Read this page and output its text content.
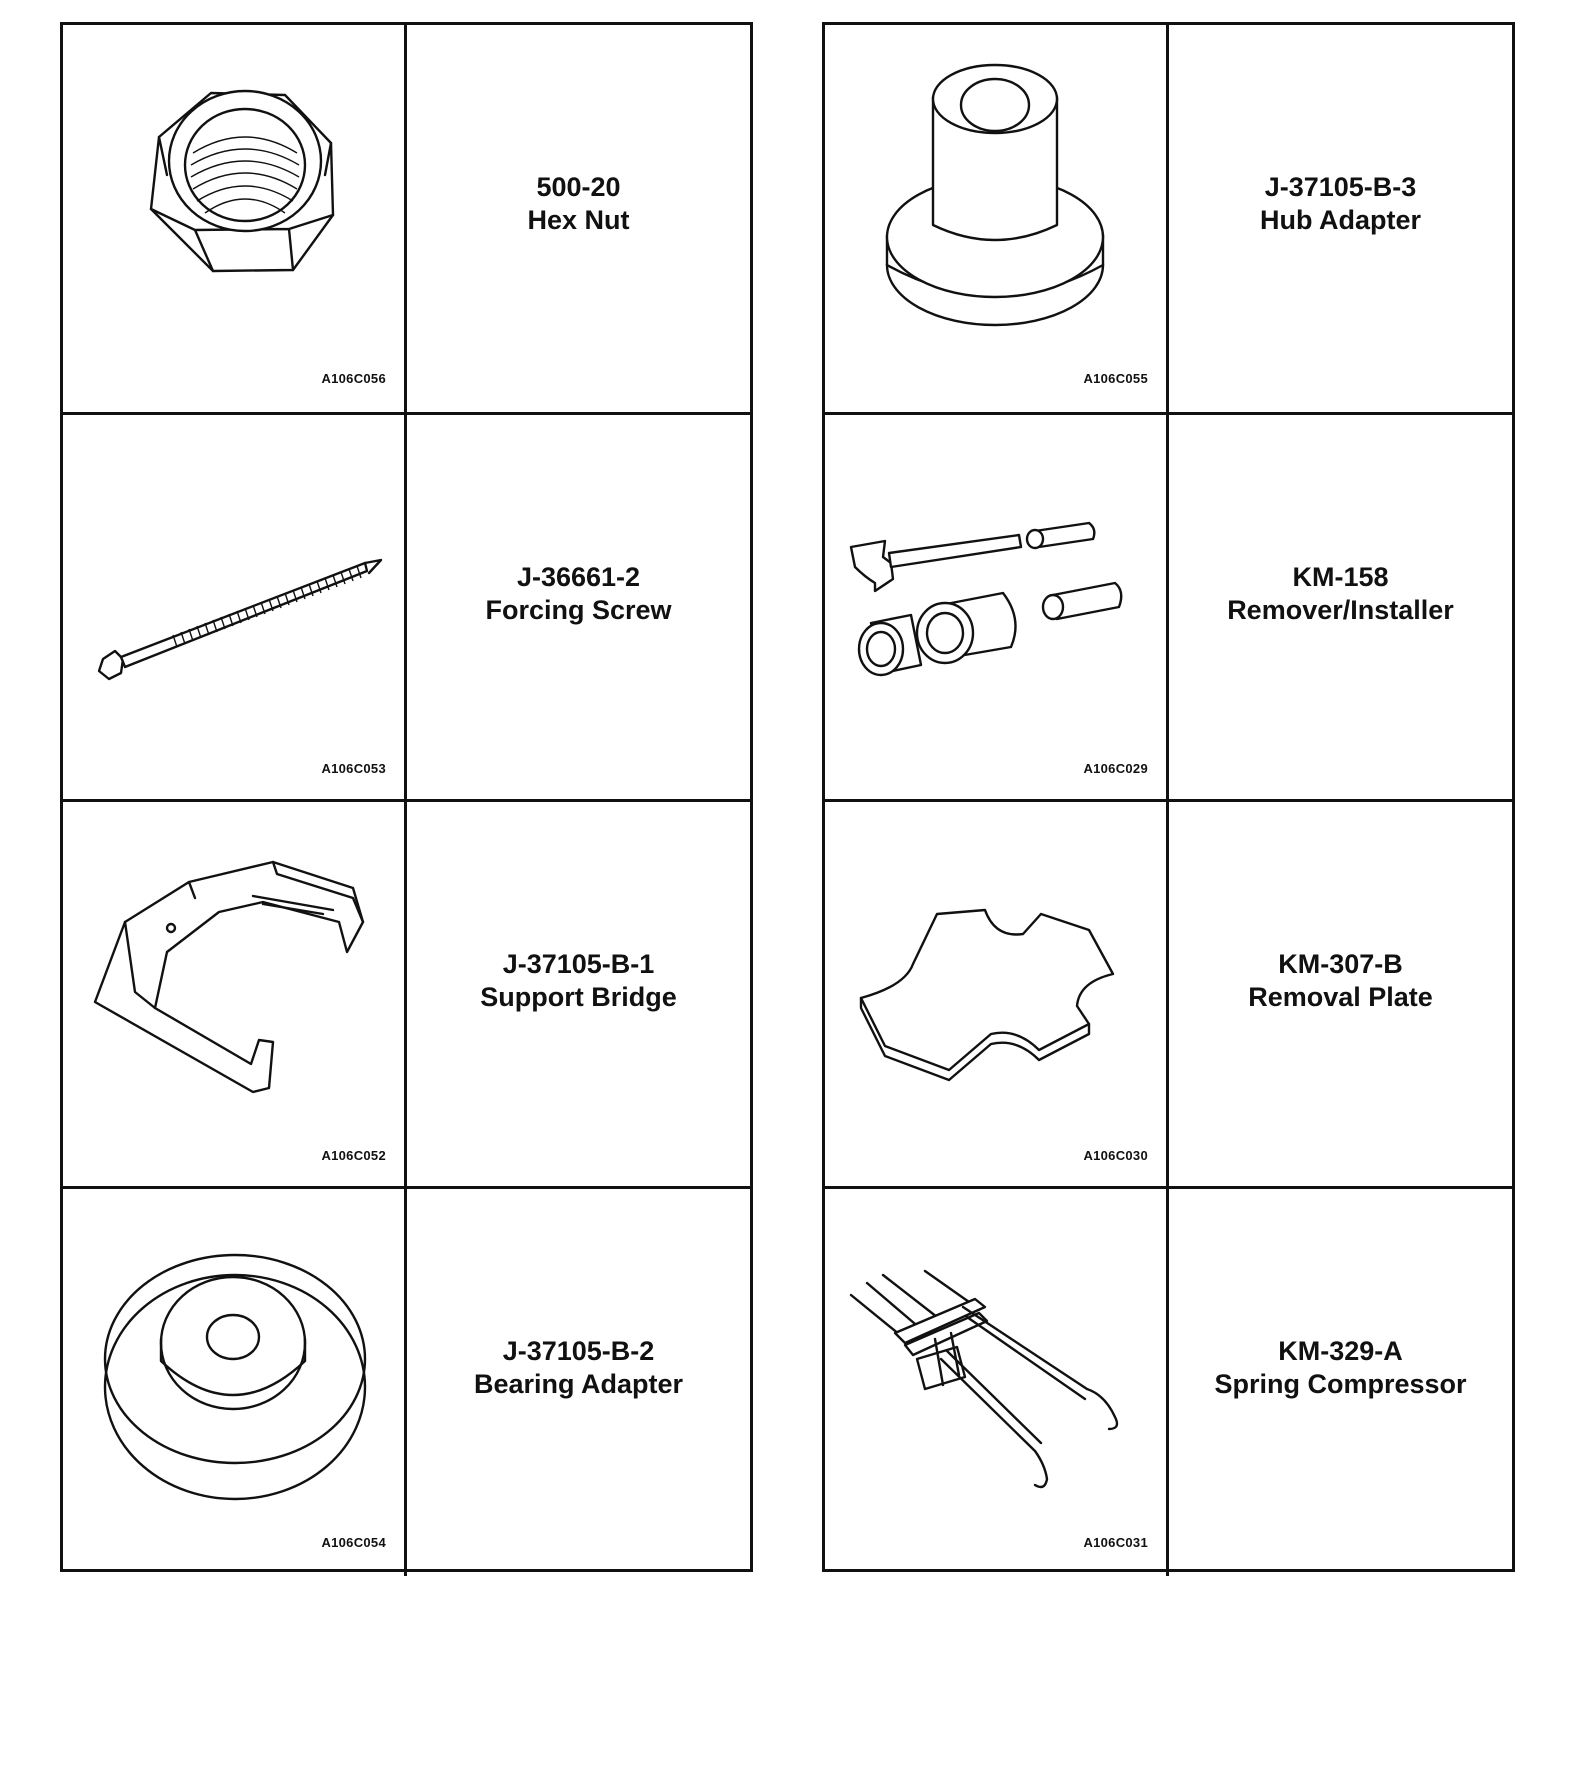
A106C056
500-20
Hex Nut
A106C053
J-36661-2
Forcing Screw
A106C052
J-37105-B-1
Support Bridge
A106C054
J-37105-B-2
Bearing Adapter
A106C055
J-37105-B-3
Hub Adapter
A106C029
KM-158
Remover/Installer
A106C030
KM-307-B
Removal Plate
A106C031
KM-329-A
Spring Compressor
